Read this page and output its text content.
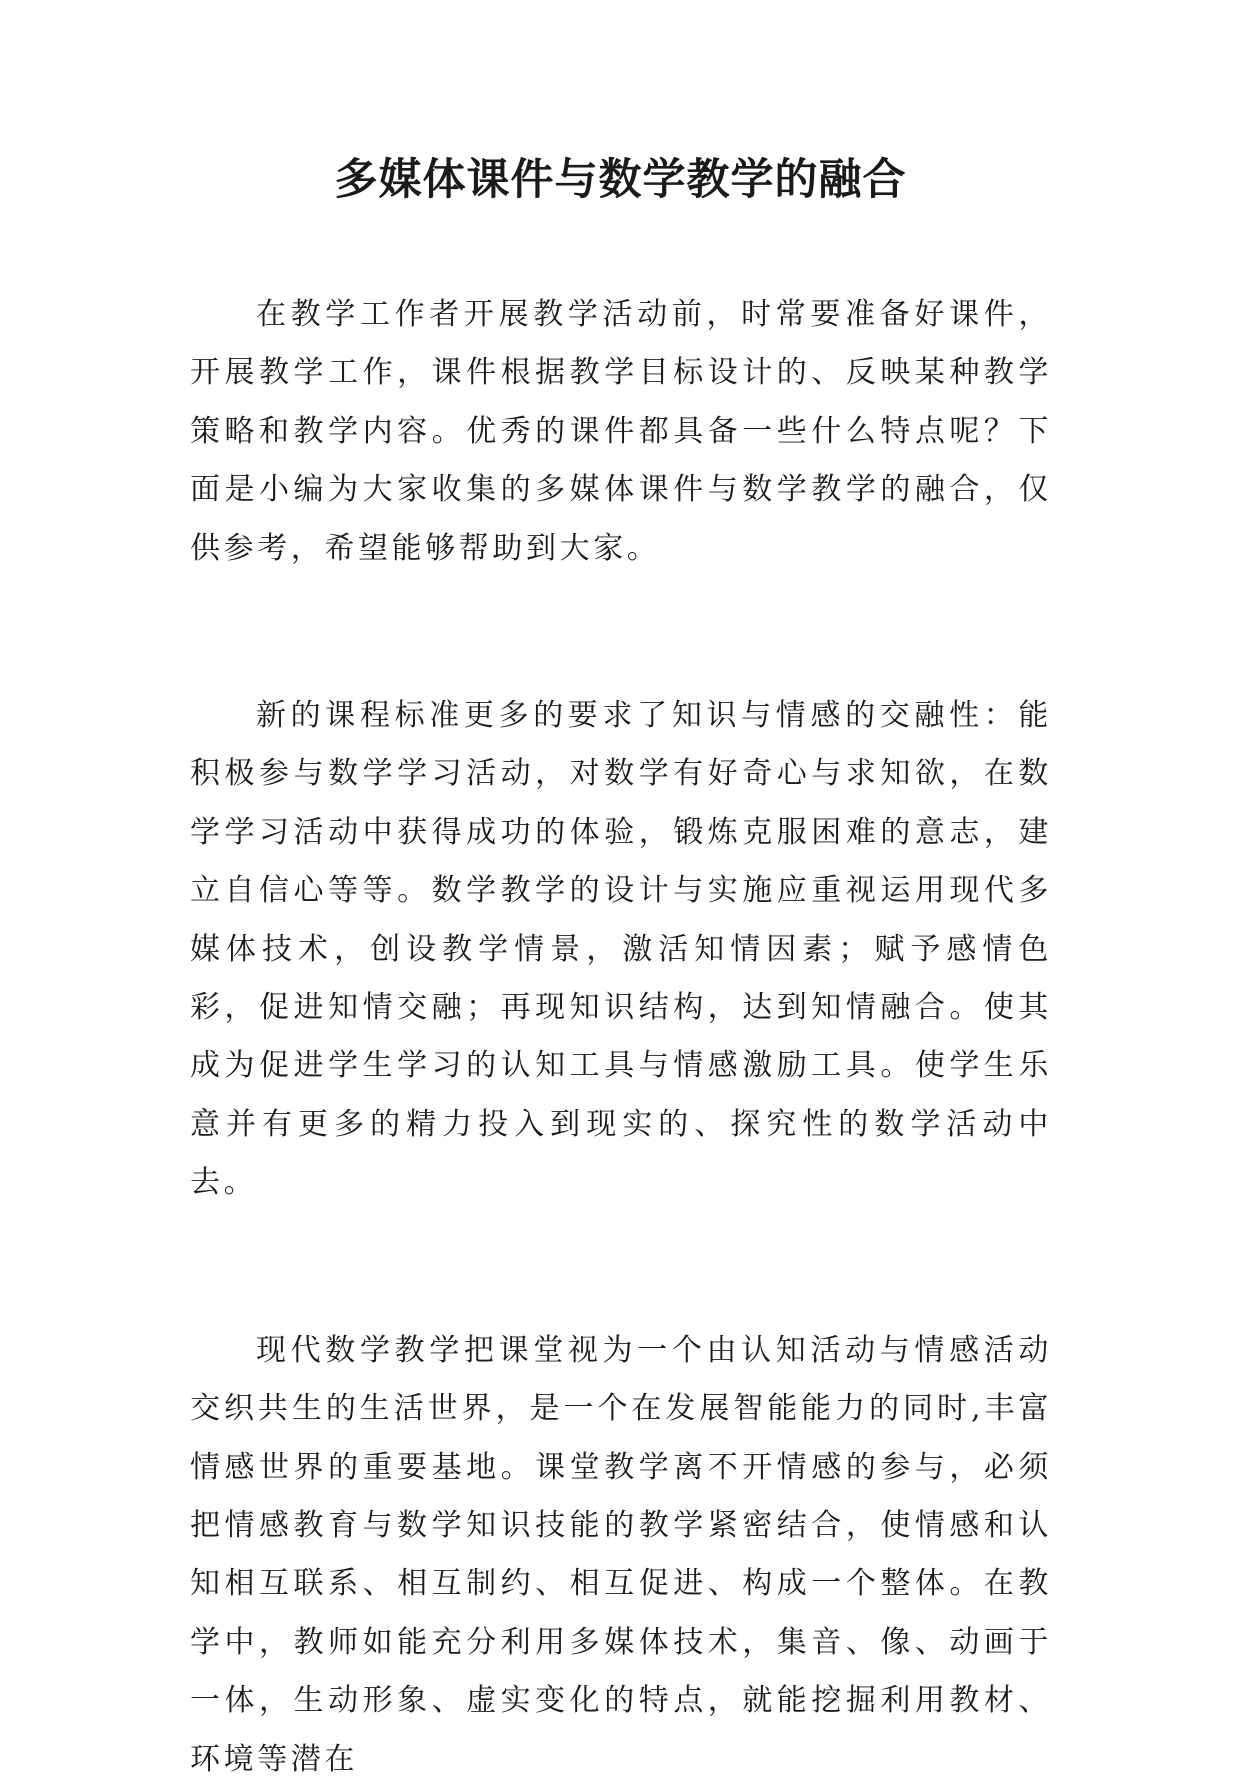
多媒体课件与数学教学的融合

在教学工作者开展教学活动前，时常要准备好课件，开展教学工作，课件根据教学目标设计的、反映某种教学策略和教学内容。优秀的课件都具备一些什么特点呢？下面是小编为大家收集的多媒体课件与数学教学的融合，仅供参考，希望能够帮助到大家。

新的课程标准更多的要求了知识与情感的交融性：能积极参与数学学习活动，对数学有好奇心与求知欲，在数学学习活动中获得成功的体验，锻炼克服困难的意志，建立自信心等等。数学教学的设计与实施应重视运用现代多媒体技术，创设教学情景，激活知情因素；赋予感情色彩，促进知情交融；再现知识结构，达到知情融合。使其成为促进学生学习的认知工具与情感激励工具。使学生乐意并有更多的精力投入到现实的、探究性的数学活动中去。

现代数学教学把课堂视为一个由认知活动与情感活动交织共生的生活世界，是一个在发展智能能力的同时,丰富情感世界的重要基地。课堂教学离不开情感的参与，必须把情感教育与数学知识技能的教学紧密结合，使情感和认知相互联系、相互制约、相互促进、构成一个整体。在教学中，教师如能充分利用多媒体技术，集音、像、动画于一体，生动形象、虚实变化的特点，就能挖掘利用教材、环境等潜在
